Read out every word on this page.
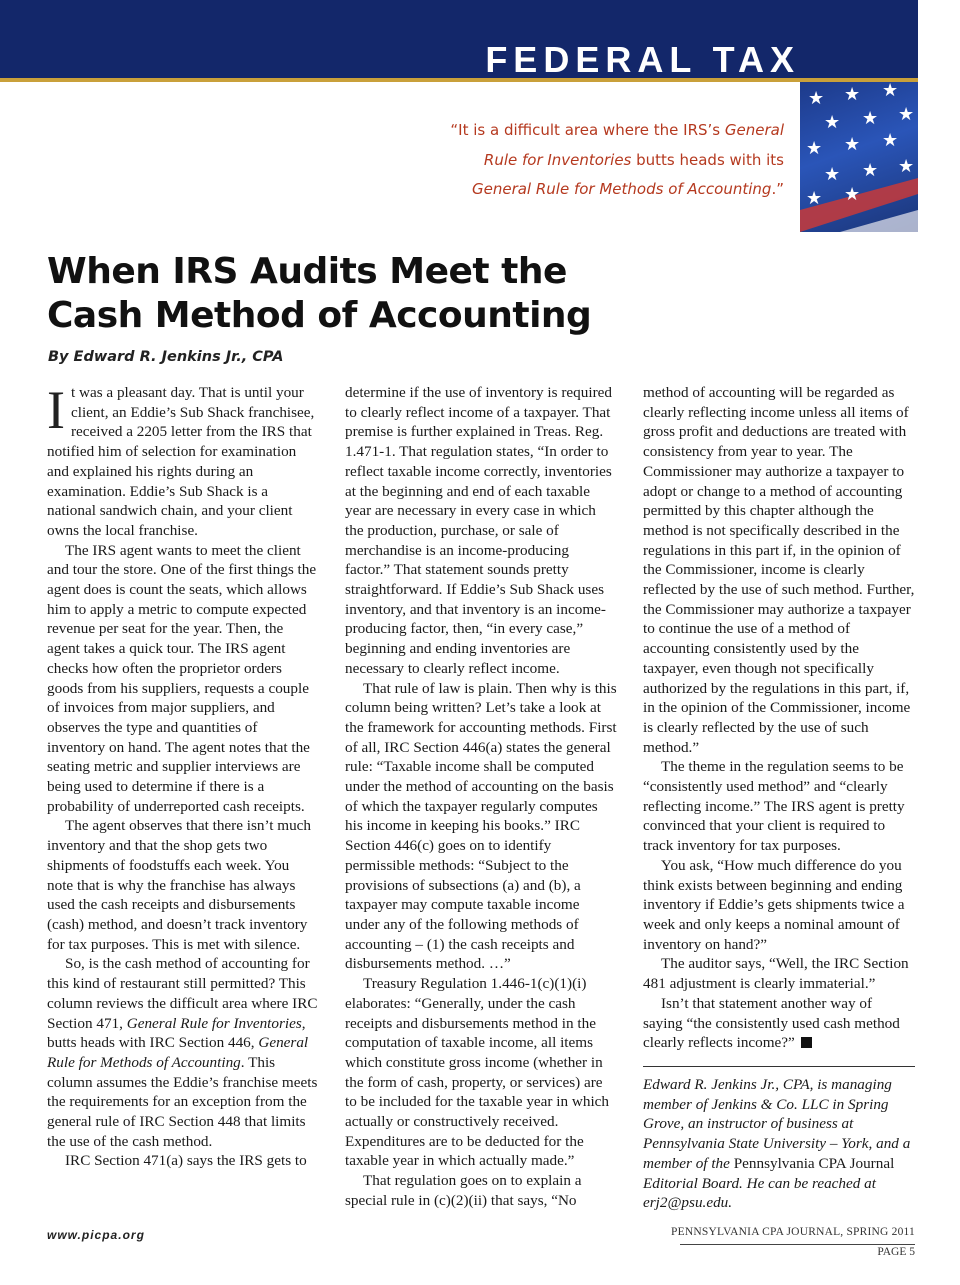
FEDERAL TAX
★ ★ ★
★ ★ ★
★ ★ ★
★ ★ ★
★ ★
“It is a difficult area where the IRS’s General
Rule for Inventories butts heads with its
General Rule for Methods of Accounting.”
When IRS Audits Meet the Cash Method of Accounting
By Edward R. Jenkins Jr., CPA

It was a pleasant day. That is until your client, an Eddie’s Sub Shack franchisee, received a 2205 letter from the IRS that notified him of selection for examination and explained his rights during an examination. Eddie’s Sub Shack is a national sandwich chain, and your client owns the local franchise.

The IRS agent wants to meet the client and tour the store. One of the first things the agent does is count the seats, which allows him to apply a metric to compute expected revenue per seat for the year. Then, the agent takes a quick tour. The IRS agent checks how often the proprietor orders goods from his suppliers, requests a couple of invoices from major suppliers, and observes the type and quantities of inventory on hand. The agent notes that the seating metric and supplier interviews are being used to determine if there is a probability of underreported cash receipts.

The agent observes that there isn’t much inventory and that the shop gets two shipments of foodstuffs each week. You note that is why the franchise has always used the cash receipts and disbursements (cash) method, and doesn’t track inventory for tax purposes. This is met with silence.

So, is the cash method of accounting for this kind of restaurant still permitted? This column reviews the difficult area where IRC Section 471, General Rule for Inventories, butts heads with IRC Section 446, General Rule for Methods of Accounting. This column assumes the Eddie’s franchise meets the requirements for an exception from the general rule of IRC Section 448 that limits the use of the cash method.

IRC Section 471(a) says the IRS gets to

determine if the use of inventory is required to clearly reflect income of a taxpayer. That premise is further explained in Treas. Reg. 1.471-1. That regulation states, “In order to reflect taxable income correctly, inventories at the beginning and end of each taxable year are necessary in every case in which the production, purchase, or sale of merchandise is an income-producing factor.” That statement sounds pretty straightforward. If Eddie’s Sub Shack uses inventory, and that inventory is an income-producing factor, then, “in every case,” beginning and ending inventories are necessary to clearly reflect income.

That rule of law is plain. Then why is this column being written? Let’s take a look at the framework for accounting methods. First of all, IRC Section 446(a) states the general rule: “Taxable income shall be computed under the method of accounting on the basis of which the taxpayer regularly computes his income in keeping his books.” IRC Section 446(c) goes on to identify permissible methods: “Subject to the provisions of subsections (a) and (b), a taxpayer may compute taxable income under any of the following methods of accounting – (1) the cash receipts and disbursements method. …”

Treasury Regulation 1.446-1(c)(1)(i) elaborates: “Generally, under the cash receipts and disbursements method in the computation of taxable income, all items which constitute gross income (whether in the form of cash, property, or services) are to be included for the taxable year in which actually or constructively received. Expenditures are to be deducted for the taxable year in which actually made.”

That regulation goes on to explain a special rule in (c)(2)(ii) that says, “No

method of accounting will be regarded as clearly reflecting income unless all items of gross profit and deductions are treated with consistency from year to year. The Commissioner may authorize a taxpayer to adopt or change to a method of accounting permitted by this chapter although the method is not specifically described in the regulations in this part if, in the opinion of the Commissioner, income is clearly reflected by the use of such method. Further, the Commissioner may authorize a taxpayer to continue the use of a method of accounting consistently used by the taxpayer, even though not specifically authorized by the regulations in this part, if, in the opinion of the Commissioner, income is clearly reflected by the use of such method.”

The theme in the regulation seems to be “consistently used method” and “clearly reflecting income.” The IRS agent is pretty convinced that your client is required to track inventory for tax purposes.

You ask, “How much difference do you think exists between beginning and ending inventory if Eddie’s gets shipments twice a week and only keeps a nominal amount of inventory on hand?”

The auditor says, “Well, the IRC Section 481 adjustment is clearly immaterial.”

Isn’t that statement another way of saying “the consistently used cash method clearly reflects income?”

Edward R. Jenkins Jr., CPA, is managing member of Jenkins & Co. LLC in Spring Grove, an instructor of business at Pennsylvania State University – York, and a member of the Pennsylvania CPA Journal Editorial Board. He can be reached at erj2@psu.edu.
www.picpa.org	PENNSYLVANIA CPA JOURNAL, SPRING 2011
PAGE 5
